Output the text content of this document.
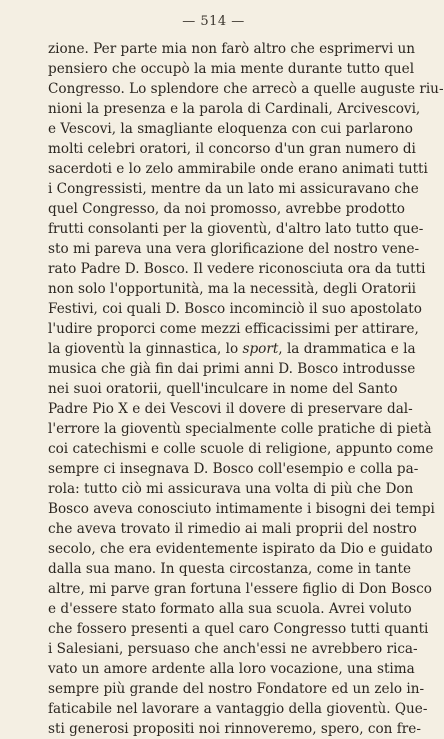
— 514 —
zione. Per parte mia non farò altro che esprimervi un
pensiero che occupò la mia mente durante tutto quel
Congresso. Lo splendore che arrecò a quelle auguste riu-
nioni la presenza e la parola di Cardinali, Arcivescovi,
e Vescovi, la smagliante eloquenza con cui parlarono
molti celebri oratori, il concorso d'un gran numero di
sacerdoti e lo zelo ammirabile onde erano animati tutti
i Congressisti, mentre da un lato mi assicuravano che
quel Congresso, da noi promosso, avrebbe prodotto
frutti consolanti per la gioventù, d'altro lato tutto que-
sto mi pareva una vera glorificazione del nostro vene-
rato Padre D. Bosco. Il vedere riconosciuta ora da tutti
non solo l'opportunità, ma la necessità, degli Oratorii
Festivi, coi quali D. Bosco incominciò il suo apostolato
l'udire proporci come mezzi efficacissimi per attirare,
la gioventù la ginnastica, lo sport, la drammatica e la
musica che già fin dai primi anni D. Bosco introdusse
nei suoi oratorii, quell'inculcare in nome del Santo
Padre Pio X e dei Vescovi il dovere di preservare dal-
l'errore la gioventù specialmente colle pratiche di pietà
coi catechismi e colle scuole di religione, appunto come
sempre ci insegnava D. Bosco coll'esempio e colla pa-
rola: tutto ciò mi assicurava una volta di più che Don
Bosco aveva conosciuto intimamente i bisogni dei tempi
che aveva trovato il rimedio ai mali proprii del nostro
secolo, che era evidentemente ispirato da Dio e guidato
dalla sua mano. In questa circostanza, come in tante
altre, mi parve gran fortuna l'essere figlio di Don Bosco
e d'essere stato formato alla sua scuola. Avrei voluto
che fossero presenti a quel caro Congresso tutti quanti
i Salesiani, persuaso che anch'essi ne avrebbero rica-
vato un amore ardente alla loro vocazione, una stima
sempre più grande del nostro Fondatore ed un zelo in-
faticabile nel lavorare a vantaggio della gioventù. Que-
sti generosi propositi noi rinnoveremo, spero, con fre-
